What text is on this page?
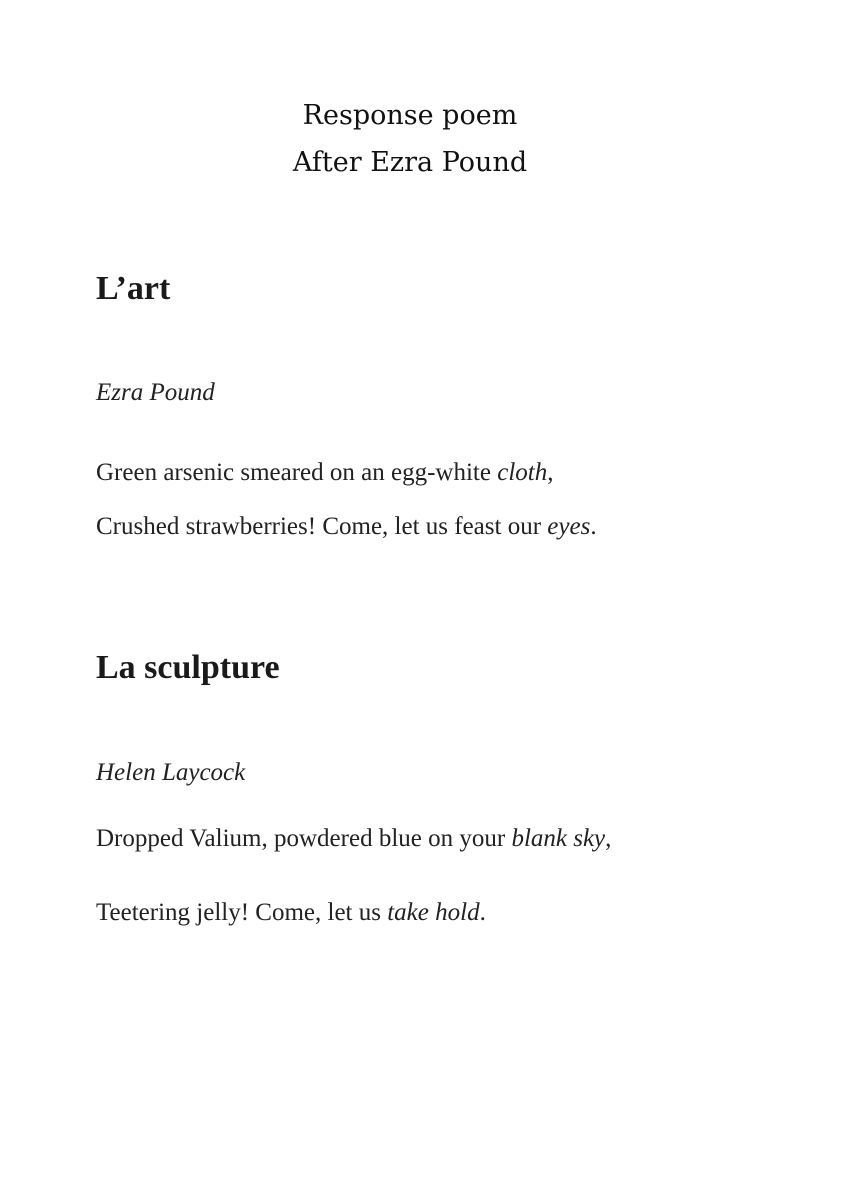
Response poem
After Ezra Pound
L’art
Ezra Pound
Green arsenic smeared on an egg-white cloth,
Crushed strawberries! Come, let us feast our eyes.
La sculpture
Helen Laycock
Dropped Valium, powdered blue on your blank sky,
Teetering jelly! Come, let us take hold.
